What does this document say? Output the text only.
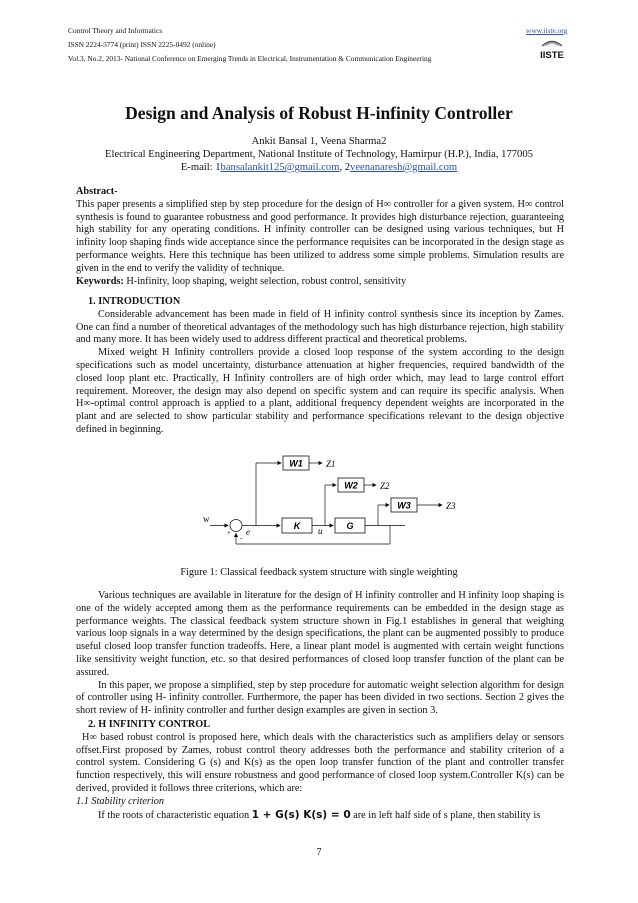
Control Theory and Informatics
ISSN 2224-5774 (print) ISSN 2225-0492 (online)
Vol.3, No.2, 2013- National Conference on Emerging Trends in Electrical, Instrumentation & Communication Engineering
www.iiste.org
IISTE
Design and Analysis of Robust H-infinity Controller
Ankit Bansal 1, Veena Sharma2
Electrical Engineering Department, National Institute of Technology, Hamirpur (H.P.), India, 177005
E-mail: 1bansalankit125@gmail.com, 2veenanaresh@gmail.com

Abstract-

This paper presents a simplified step by step procedure for the design of H∞ controller for a given system. H∞ control synthesis is found to guarantee robustness and good performance. It provides high disturbance rejection, guaranteeing high stability for any operating conditions. H infinity controller can be designed using various techniques, but H infinity loop shaping finds wide acceptance since the performance requisites can be incorporated in the design stage as performance weights. Here this technique has been utilized to address some simple problems. Simulation results are given in the end to verify the validity of technique.

Keywords: H-infinity, loop shaping, weight selection, robust control, sensitivity

1. INTRODUCTION

Considerable advancement has been made in field of H infinity control synthesis since its inception by Zames. One can find a number of theoretical advantages of the methodology such has high disturbance rejection, high stability and many more. It has been widely used to address different practical and theoretical problems.

Mixed weight H Infinity controllers provide a closed loop response of the system according to the design specifications such as model uncertainty, disturbance attenuation at higher frequencies, required bandwidth of the closed loop plant etc. Practically, H Infinity controllers are of high order which, may lead to large control effort requirement. Moreover, the design may also depend on specific system and can require its specific analysis. When H∞-optimal control approach is applied to a plant, additional frequency dependent weights are incorporated in the plant and are selected to show particular stability and performance specifications relevant to the design objective defined in beginning.

W1
W2
W3
K	G
Z1
Z2
Z3
w
e	u
+
-
Figure 1: Classical feedback system structure with single weighting

Various techniques are available in literature for the design of H infinity controller and H infinity loop shaping is one of the widely accepted among them as the performance requirements can be embedded in the design stage as performance weights. The classical feedback system structure shown in Fig.1 establishes in general that weighing various loop signals in a way determined by the design specifications, the plant can be augmented possibly to produce useful closed loop transfer function tradeoffs. Here, a linear plant model is augmented with certain weight functions like sensitivity weight function, etc. so that desired performances of closed loop transfer function of the plant can be assured.

In this paper, we propose a simplified, step by step procedure for automatic weight selection algorithm for design of controller using H- infinity controller. Furthermore, the paper has been divided in two sections. Section 2 gives the short review of H- infinity controller and further design examples are given in section 3.

2. H INFINITY CONTROL

H∞ based robust control is proposed here, which deals with the characteristics such as amplifiers delay or sensors offset.First proposed by Zames, robust control theory addresses both the performance and stability criterion of a control system. Considering G (s) and K(s) as the open loop transfer function of the plant and controller transfer function respectively, this will ensure robustness and good performance of closed loop system.Controller K(s) can be derived, provided it follows three criterions, which are:

1.1 Stability criterion

If the roots of characteristic equation 1 + G(s) K(s) = 0 are in left half side of s plane, then stability is

7
